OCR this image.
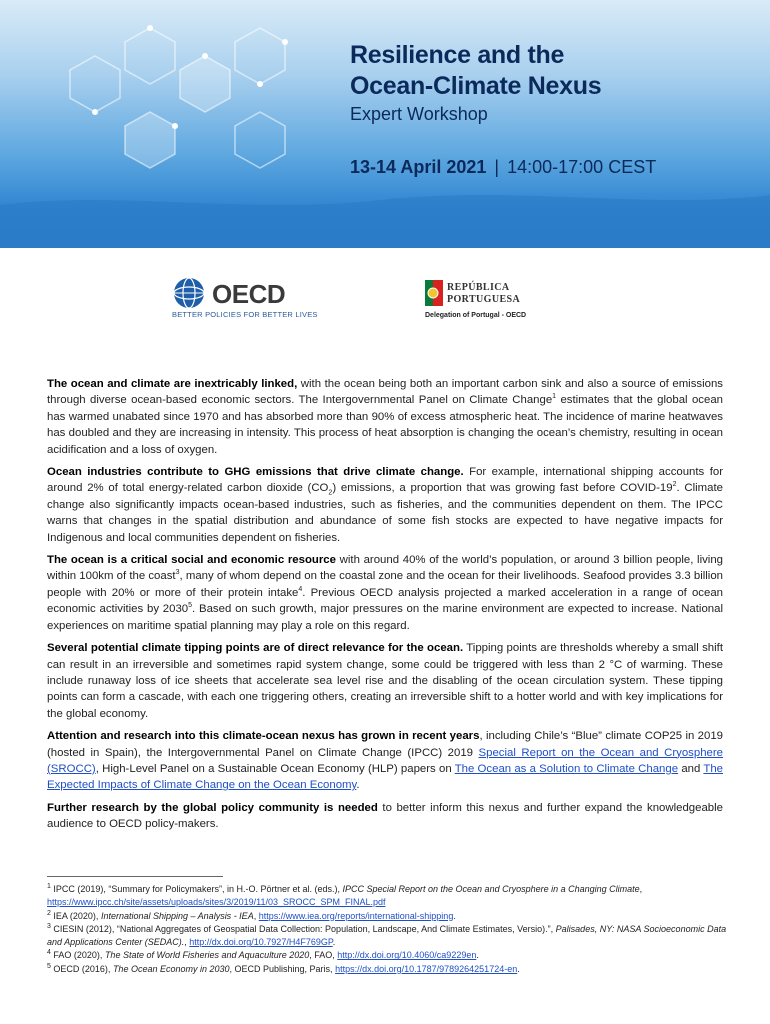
Resilience and the
Ocean-Climate Nexus
Expert Workshop
13-14 April 2021 | 14:00-17:00 CEST
OECD
BETTER POLICIES FOR BETTER LIVES
REPÚBLICA
PORTUGUESA
Delegation of Portugal - OECD

The ocean and climate are inextricably linked, with the ocean being both an important carbon sink and also a source of emissions through diverse ocean-based economic sectors. The Intergovernmental Panel on Climate Change$^1$ estimates that the global ocean has warmed unabated since 1970 and has absorbed more than 90% of excess atmospheric heat. The incidence of marine heatwaves has doubled and they are increasing in intensity. This process of heat absorption is changing the ocean’s chemistry, resulting in ocean acidification and a loss of oxygen.

Ocean industries contribute to GHG emissions that drive climate change. For example, international shipping accounts for around 2% of total energy-related carbon dioxide $(CO_2)$ emissions, a proportion that was growing fast before COVID-$19^2$. Climate change also significantly impacts ocean-based industries, such as fisheries, and the communities dependent on them. The IPCC warns that changes in the spatial distribution and abundance of some fish stocks are expected to have negative impacts for Indigenous and local communities dependent on fisheries.

The ocean is a critical social and economic resource with around 40% of the world’s population, or around 3 billion people, living within 100km of the coast$^3$, many of whom depend on the coastal zone and the ocean for their livelihoods. Seafood provides 3.3 billion people with 20% or more of their protein intake$^4$. Previous OECD analysis projected a marked acceleration in a range of ocean economic activities by 2030$^5$. Based on such growth, major pressures on the marine environment are expected to increase. National experiences on maritime spatial planning may play a role on this regard.

Several potential climate tipping points are of direct relevance for the ocean. Tipping points are thresholds whereby a small shift can result in an irreversible and sometimes rapid system change, some could be triggered with less than 2 °C of warming. These include runaway loss of ice sheets that accelerate sea level rise and the disabling of the ocean circulation system. These tipping points can form a cascade, with each one triggering others, creating an irreversible shift to a hotter world and with key implications for the global economy.

Attention and research into this climate-ocean nexus has grown in recent years, including Chile’s “Blue” climate COP25 in 2019 (hosted in Spain), the Intergovernmental Panel on Climate Change (IPCC) 2019 Special Report on the Ocean and Cryosphere (SROCC), High-Level Panel on a Sustainable Ocean Economy (HLP) papers on The Ocean as a Solution to Climate Change and The Expected Impacts of Climate Change on the Ocean Economy.

Further research by the global policy community is needed to better inform this nexus and further expand the knowledgeable audience to OECD policy-makers.

$^1$ IPCC (2019), “Summary for Policymakers”, in H.-O. Pörtner et al. (eds.), IPCC Special Report on the Ocean and Cryosphere in a Changing Climate, https://www.ipcc.ch/site/assets/uploads/sites/3/2019/11/03_SROCC_SPM_FINAL.pdf
$^2$ IEA (2020), International Shipping – Analysis - IEA, https://www.iea.org/reports/international-shipping.
$^3$ CIESIN (2012), “National Aggregates of Geospatial Data Collection: Population, Landscape, And Climate Estimates, Versio).”, Palisades, NY: NASA Socioeconomic Data and Applications Center (SEDAC)., http://dx.doi.org/10.7927/H4F769GP.
$^4$ FAO (2020), The State of World Fisheries and Aquaculture 2020, FAO, http://dx.doi.org/10.4060/ca9229en.
$^5$ OECD (2016), The Ocean Economy in 2030, OECD Publishing, Paris, https://dx.doi.org/10.1787/9789264251724-en.
